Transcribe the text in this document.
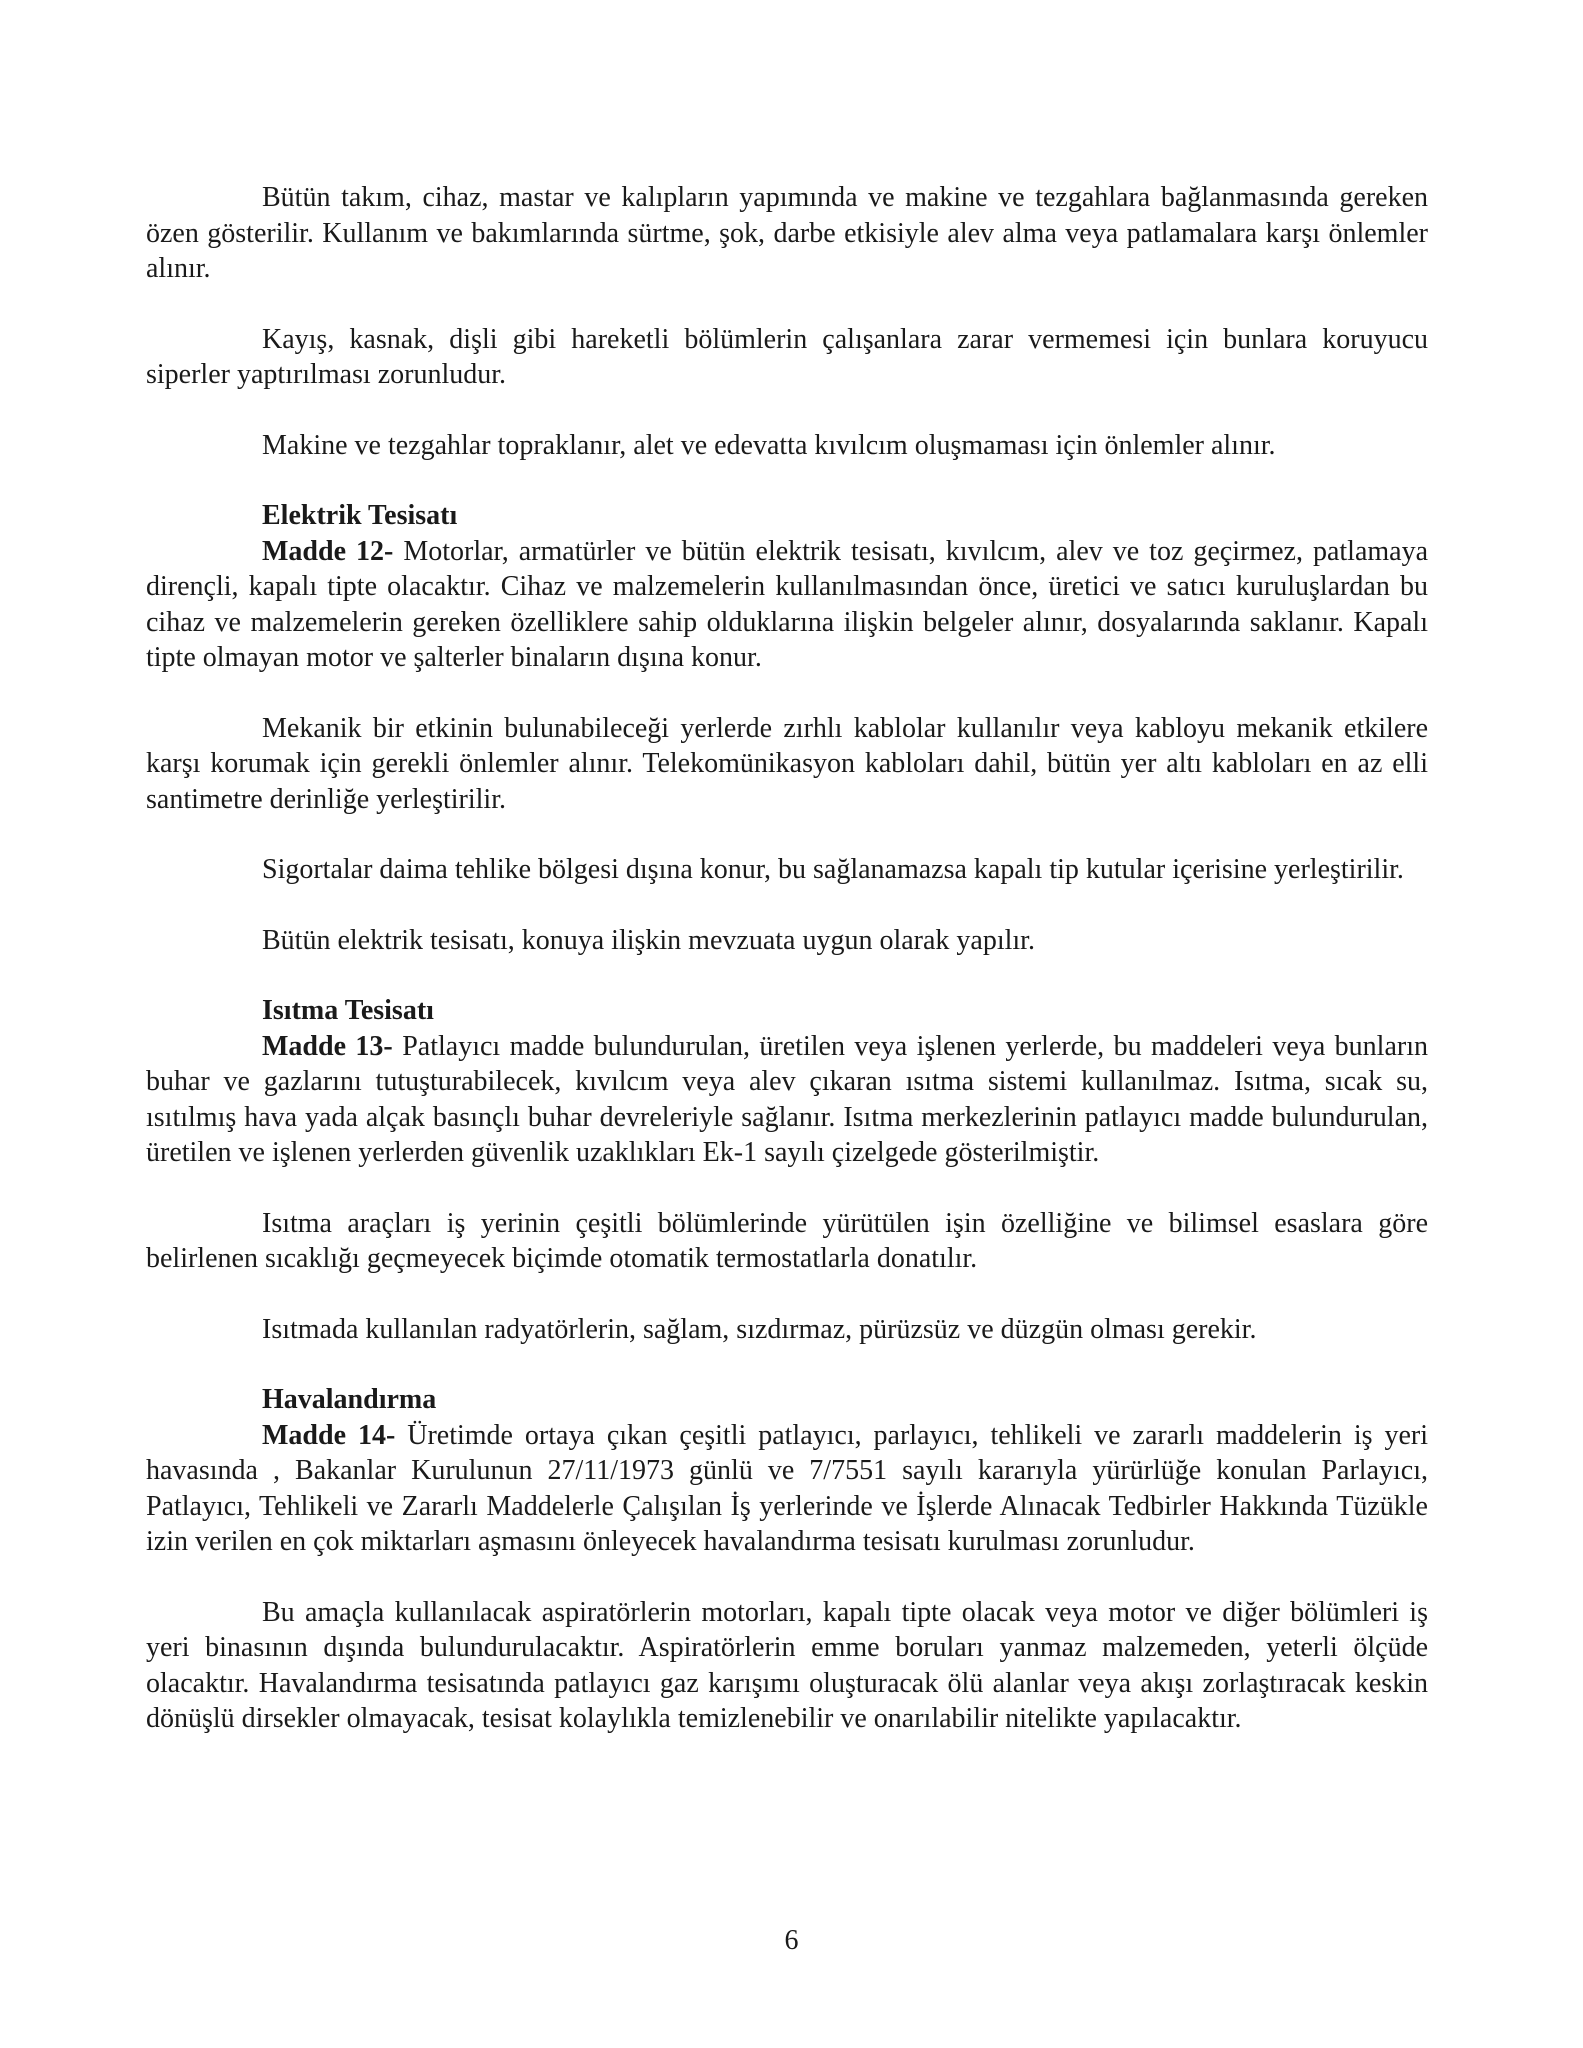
Bütün takım, cihaz, mastar ve kalıpların yapımında ve makine ve tezgahlara bağlanmasında gereken özen gösterilir. Kullanım ve bakımlarında sürtme, şok, darbe etkisiyle alev alma veya patlamalara karşı önlemler alınır.

Kayış, kasnak, dişli gibi hareketli bölümlerin çalışanlara zarar vermemesi için bunlara koruyucu siperler yaptırılması zorunludur.

Makine ve tezgahlar topraklanır, alet ve edevatta kıvılcım oluşmaması için önlemler alınır.

Elektrik Tesisatı

Madde 12- Motorlar, armatürler ve bütün elektrik tesisatı, kıvılcım, alev ve toz geçirmez, patlamaya dirençli, kapalı tipte olacaktır. Cihaz ve malzemelerin kullanılmasından önce, üretici ve satıcı kuruluşlardan bu cihaz ve malzemelerin gereken özelliklere sahip olduklarına ilişkin belgeler alınır, dosyalarında saklanır. Kapalı tipte olmayan motor ve şalterler binaların dışına konur.

Mekanik bir etkinin bulunabileceği yerlerde zırhlı kablolar kullanılır veya kabloyu mekanik etkilere karşı korumak için gerekli önlemler alınır. Telekomünikasyon kabloları dahil, bütün yer altı kabloları en az elli santimetre derinliğe yerleştirilir.

Sigortalar daima tehlike bölgesi dışına konur, bu sağlanamazsa kapalı tip kutular içerisine yerleştirilir.

Bütün elektrik tesisatı, konuya ilişkin mevzuata uygun olarak yapılır.

Isıtma Tesisatı

Madde 13- Patlayıcı madde bulundurulan, üretilen veya işlenen yerlerde, bu maddeleri veya bunların buhar ve gazlarını tutuşturabilecek, kıvılcım veya alev çıkaran ısıtma sistemi kullanılmaz. Isıtma, sıcak su, ısıtılmış hava yada alçak basınçlı buhar devreleriyle sağlanır. Isıtma merkezlerinin patlayıcı madde bulundurulan, üretilen ve işlenen yerlerden güvenlik uzaklıkları Ek-1 sayılı çizelgede gösterilmiştir.

Isıtma araçları iş yerinin çeşitli bölümlerinde yürütülen işin özelliğine ve bilimsel esaslara göre belirlenen sıcaklığı geçmeyecek biçimde otomatik termostatlarla donatılır.

Isıtmada kullanılan radyatörlerin, sağlam, sızdırmaz, pürüzsüz ve düzgün olması gerekir.

Havalandırma

Madde 14- Üretimde ortaya çıkan çeşitli patlayıcı, parlayıcı, tehlikeli ve zararlı maddelerin iş yeri havasında , Bakanlar Kurulunun 27/11/1973 günlü ve 7/7551 sayılı kararıyla yürürlüğe konulan Parlayıcı, Patlayıcı, Tehlikeli ve Zararlı Maddelerle Çalışılan İş yerlerinde ve İşlerde Alınacak Tedbirler Hakkında Tüzükle izin verilen en çok miktarları aşmasını önleyecek havalandırma tesisatı kurulması zorunludur.

Bu amaçla kullanılacak aspiratörlerin motorları, kapalı tipte olacak veya motor ve diğer bölümleri iş yeri binasının dışında bulundurulacaktır. Aspiratörlerin emme boruları yanmaz malzemeden, yeterli ölçüde olacaktır. Havalandırma tesisatında patlayıcı gaz karışımı oluşturacak ölü alanlar veya akışı zorlaştıracak keskin dönüşlü dirsekler olmayacak, tesisat kolaylıkla temizlenebilir ve onarılabilir nitelikte yapılacaktır.

6
